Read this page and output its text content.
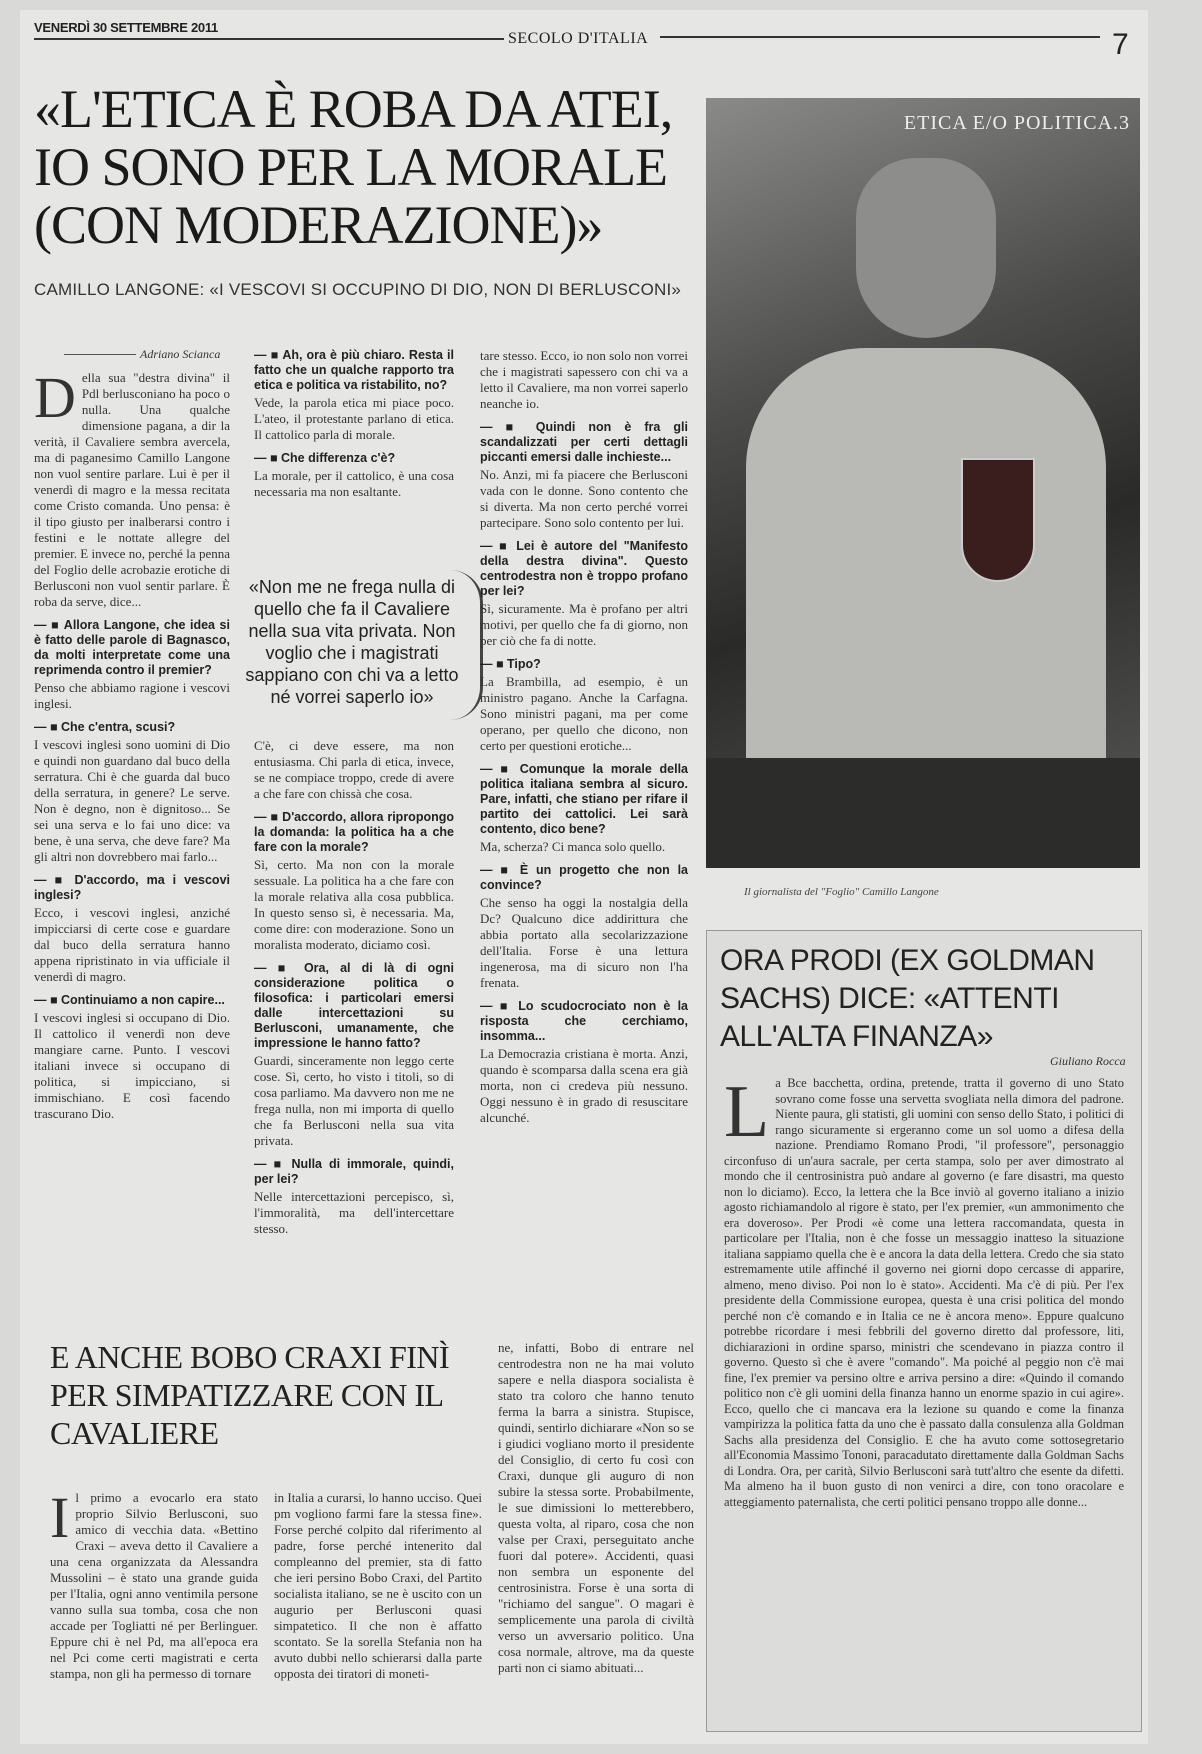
VENERDÌ 30 SETTEMBRE 2011
SECOLO D'ITALIA	7
«L'ETICA È ROBA DA ATEI, IO SONO PER LA MORALE (CON MODERAZIONE)»
CAMILLO LANGONE: «I VESCOVI SI OCCUPINO DI DIO, NON DI BERLUSCONI»
Adriano Scianca
D ella sua "destra divina" il Pdl berlusconiano ha poco o nulla. Una qualche dimensione pagana, a dir la verità, il Cavaliere sembra avercela, ma di paganesimo Camillo Langone non vuol sentire parlare. Lui è per il venerdì di magro e la messa recitata come Cristo comanda. Uno pensa: è il tipo giusto per inalberarsi contro i festini e le nottate allegre del premier. E invece no, perché la penna del Foglio delle acrobazie erotiche di Berlusconi non vuol sentir parlare. È roba da serve, dice...
— ■ Allora Langone, che idea si è fatto delle parole di Bagnasco, da molti interpretate come una reprimenda contro il premier?
Penso che abbiamo ragione i vescovi inglesi.
— ■ Che c'entra, scusi?
I vescovi inglesi sono uomini di Dio e quindi non guardano dal buco della serratura. Chi è che guarda dal buco della serratura, in genere? Le serve. Non è degno, non è dignitoso... Se sei una serva e lo fai uno dice: va bene, è una serva, che deve fare? Ma gli altri non dovrebbero mai farlo...
— ■ D'accordo, ma i vescovi inglesi?
Ecco, i vescovi inglesi, anziché impicciarsi di certe cose e guardare dal buco della serratura hanno appena ripristinato in via ufficiale il venerdì di magro.
— ■ Continuiamo a non capire...
I vescovi inglesi si occupano di Dio. Il cattolico il venerdì non deve mangiare carne. Punto. I vescovi italiani invece si occupano di politica, si impicciano, si immischiano. E così facendo trascurano Dio.
— ■ Ah, ora è più chiaro. Resta il fatto che un qualche rapporto tra etica e politica va ristabilito, no?
Vede, la parola etica mi piace poco. L'ateo, il protestante parlano di etica. Il cattolico parla di morale.
— ■ Che differenza c'è?
La morale, per il cattolico, è una cosa necessaria ma non esaltante.
«Non me ne frega nulla di quello che fa il Cavaliere nella sua vita privata. Non voglio che i magistrati sappiano con chi va a letto né vorrei saperlo io»
C'è, ci deve essere, ma non entusiasma. Chi parla di etica, invece, se ne compiace troppo, crede di avere a che fare con chissà che cosa.
— ■ D'accordo, allora ripropongo la domanda: la politica ha a che fare con la morale?
Sì, certo. Ma non con la morale sessuale. La politica ha a che fare con la morale relativa alla cosa pubblica. In questo senso sì, è necessaria. Ma, come dire: con moderazione. Sono un moralista moderato, diciamo così.
— ■ Ora, al di là di ogni considerazione politica o filosofica: i particolari emersi dalle intercettazioni su Berlusconi, umanamente, che impressione le hanno fatto?
Guardi, sinceramente non leggo certe cose. Sì, certo, ho visto i titoli, so di cosa parliamo. Ma davvero non me ne frega nulla, non mi importa di quello che fa Berlusconi nella sua vita privata.
— ■ Nulla di immorale, quindi, per lei?
Nelle intercettazioni percepisco, sì, l'immoralità, ma dell'intercettare stesso.
tare stesso. Ecco, io non solo non vorrei che i magistrati sapessero con chi va a letto il Cavaliere, ma non vorrei saperlo neanche io.
— ■ Quindi non è fra gli scandalizzati per certi dettagli piccanti emersi dalle inchieste...
No. Anzi, mi fa piacere che Berlusconi vada con le donne. Sono contento che si diverta. Ma non certo perché vorrei partecipare. Sono solo contento per lui.
— ■ Lei è autore del "Manifesto della destra divina". Questo centrodestra non è troppo profano per lei?
Sì, sicuramente. Ma è profano per altri motivi, per quello che fa di giorno, non per ciò che fa di notte.
— ■ Tipo?
La Brambilla, ad esempio, è un ministro pagano. Anche la Carfagna. Sono ministri pagani, ma per come operano, per quello che dicono, non certo per questioni erotiche...
— ■ Comunque la morale della politica italiana sembra al sicuro. Pare, infatti, che stiano per rifare il partito dei cattolici. Lei sarà contento, dico bene?
Ma, scherza? Ci manca solo quello.
— ■ È un progetto che non la convince?
Che senso ha oggi la nostalgia della Dc? Qualcuno dice addirittura che abbia portato alla secolarizzazione dell'Italia. Forse è una lettura ingenerosa, ma di sicuro non l'ha frenata.
— ■ Lo scudocrociato non è la risposta che cerchiamo, insomma...
La Democrazia cristiana è morta. Anzi, quando è scomparsa dalla scena era già morta, non ci credeva più nessuno. Oggi nessuno è in grado di resuscitare alcunché.
ETICA E/O POLITICA.3
Il giornalista del "Foglio" Camillo Langone
ORA PRODI (EX GOLDMAN SACHS) DICE: «ATTENTI ALL'ALTA FINANZA»
Giuliano Rocca
L a Bce bacchetta, ordina, pretende, tratta il governo di uno Stato sovrano come fosse una servetta svogliata nella dimora del padrone. Niente paura, gli statisti, gli uomini con senso dello Stato, i politici di rango sicuramente si ergeranno come un sol uomo a difesa della nazione. Prendiamo Romano Prodi, "il professore", personaggio circonfuso di un'aura sacrale, per certa stampa, solo per aver dimostrato al mondo che il centrosinistra può andare al governo (e fare disastri, ma questo non lo diciamo). Ecco, la lettera che la Bce inviò al governo italiano a inizio agosto richiamandolo al rigore è stato, per l'ex premier, «un ammonimento che era doveroso». Per Prodi «è come una lettera raccomandata, questa in particolare per l'Italia, non è che fosse un messaggio inatteso la situazione italiana sappiamo quella che è e ancora la data della lettera. Credo che sia stato estremamente utile affinché il governo nei giorni dopo cercasse di apparire, almeno, meno diviso. Poi non lo è stato». Accidenti. Ma c'è di più. Per l'ex presidente della Commissione europea, questa è una crisi politica del mondo perché non c'è comando e in Italia ce ne è ancora meno». Eppure qualcuno potrebbe ricordare i mesi febbrili del governo diretto dal professore, liti, dichiarazioni in ordine sparso, ministri che scendevano in piazza contro il governo. Questo sì che è avere "comando". Ma poiché al peggio non c'è mai fine, l'ex premier va persino oltre e arriva persino a dire: «Quindo il comando politico non c'è gli uomini della finanza hanno un enorme spazio in cui agire». Ecco, quello che ci mancava era la lezione su quando e come la finanza vampirizza la politica fatta da uno che è passato dalla consulenza alla Goldman Sachs alla presidenza del Consiglio. E che ha avuto come sottosegretario all'Economia Massimo Tononi, paracadutato direttamente dalla Goldman Sachs di Londra. Ora, per carità, Silvio Berlusconi sarà tutt'altro che esente da difetti. Ma almeno ha il buon gusto di non venirci a dire, con tono oracolare e atteggiamento paternalista, che certi politici pensano troppo alle donne...
E ANCHE BOBO CRAXI FINÌ PER SIMPATIZZARE CON IL CAVALIERE
I l primo a evocarlo era stato proprio Silvio Berlusconi, suo amico di vecchia data. «Bettino Craxi – aveva detto il Cavaliere a una cena organizzata da Alessandra Mussolini – è stato una grande guida per l'Italia, ogni anno ventimila persone vanno sulla sua tomba, cosa che non accade per Togliatti né per Berlinguer. Eppure chi è nel Pd, ma all'epoca era nel Pci come certi magistrati e certa stampa, non gli ha permesso di tornare
in Italia a curarsi, lo hanno ucciso. Quei pm vogliono farmi fare la stessa fine». Forse perché colpito dal riferimento al padre, forse perché intenerito dal compleanno del premier, sta di fatto che ieri persino Bobo Craxi, del Partito socialista italiano, se ne è uscito con un augurio per Berlusconi quasi simpatetico. Il che non è affatto scontato. Se la sorella Stefania non ha avuto dubbi nello schierarsi dalla parte opposta dei tiratori di moneti-
ne, infatti, Bobo di entrare nel centrodestra non ne ha mai voluto sapere e nella diaspora socialista è stato tra coloro che hanno tenuto ferma la barra a sinistra. Stupisce, quindi, sentirlo dichiarare «Non so se i giudici vogliano morto il presidente del Consiglio, di certo fu così con Craxi, dunque gli auguro di non subire la stessa sorte. Probabilmente, le sue dimissioni lo metterebbero, questa volta, al riparo, cosa che non valse per Craxi, perseguitato anche fuori dal potere». Accidenti, quasi non sembra un esponente del centrosinistra. Forse è una sorta di "richiamo del sangue". O magari è semplicemente una parola di civiltà verso un avversario politico. Una cosa normale, altrove, ma da queste parti non ci siamo abituati...
